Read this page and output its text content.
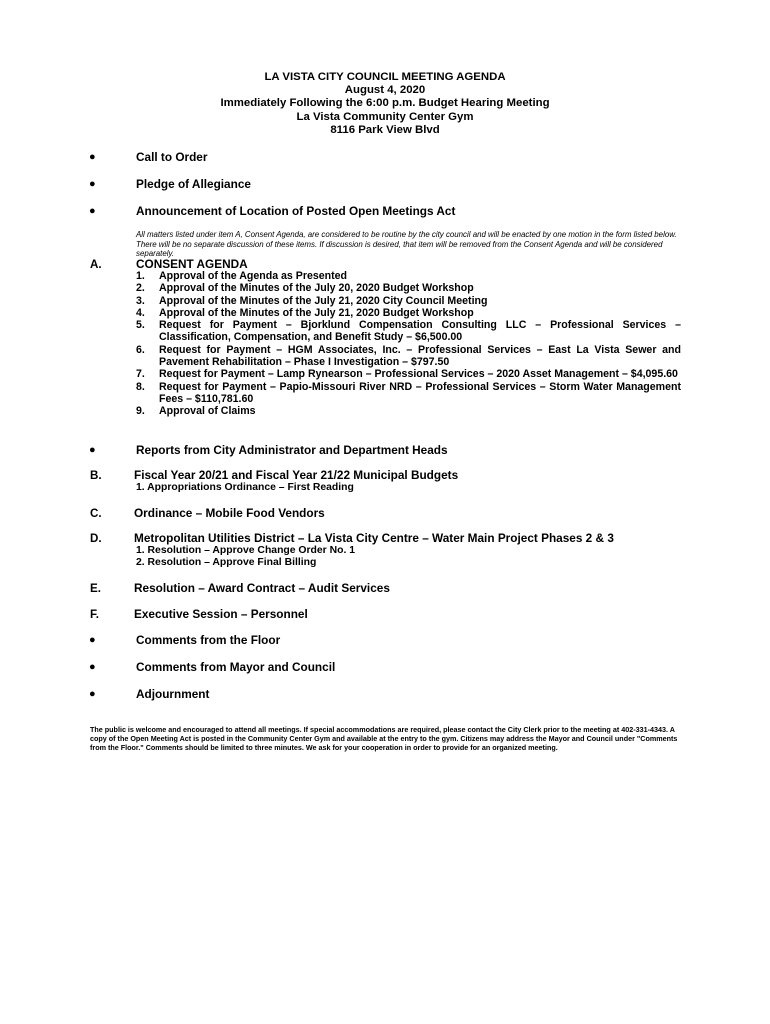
LA VISTA CITY COUNCIL MEETING AGENDA
August 4, 2020
Immediately Following the 6:00 p.m. Budget Hearing Meeting
La Vista Community Center Gym
8116 Park View Blvd
●	Call to Order
●	Pledge of Allegiance
●	Announcement of Location of Posted Open Meetings Act
All matters listed under item A, Consent Agenda, are considered to be routine by the city council and will be enacted by one motion in the form listed below. There will be no separate discussion of these items. If discussion is desired, that item will be removed from the Consent Agenda and will be considered separately.
A.	CONSENT AGENDA
1.	Approval of the Agenda as Presented
2.	Approval of the Minutes of the July 20, 2020 Budget Workshop
3.	Approval of the Minutes of the July 21, 2020 City Council Meeting
4.	Approval of the Minutes of the July 21, 2020 Budget Workshop
5.	Request for Payment – Bjorklund Compensation Consulting LLC – Professional Services – Classification, Compensation, and Benefit Study – $6,500.00
6.	Request for Payment – HGM Associates, Inc. – Professional Services – East La Vista Sewer and Pavement Rehabilitation – Phase I Investigation – $797.50
7.	Request for Payment – Lamp Rynearson – Professional Services – 2020 Asset Management – $4,095.60
8.	Request for Payment – Papio-Missouri River NRD – Professional Services – Storm Water Management Fees – $110,781.60
9.	Approval of Claims
●	Reports from City Administrator and Department Heads
B.	Fiscal Year 20/21 and Fiscal Year 21/22 Municipal Budgets
1. Appropriations Ordinance – First Reading
C.	Ordinance – Mobile Food Vendors
D.	Metropolitan Utilities District – La Vista City Centre – Water Main Project Phases 2 & 3
1. Resolution – Approve Change Order No. 1
2. Resolution – Approve Final Billing
E.	Resolution – Award Contract – Audit Services
F.	Executive Session – Personnel
●	Comments from the Floor
●	Comments from Mayor and Council
●	Adjournment
The public is welcome and encouraged to attend all meetings. If special accommodations are required, please contact the City Clerk prior to the meeting at 402-331-4343. A copy of the Open Meeting Act is posted in the Community Center Gym and available at the entry to the gym. Citizens may address the Mayor and Council under "Comments from the Floor." Comments should be limited to three minutes. We ask for your cooperation in order to provide for an organized meeting.
